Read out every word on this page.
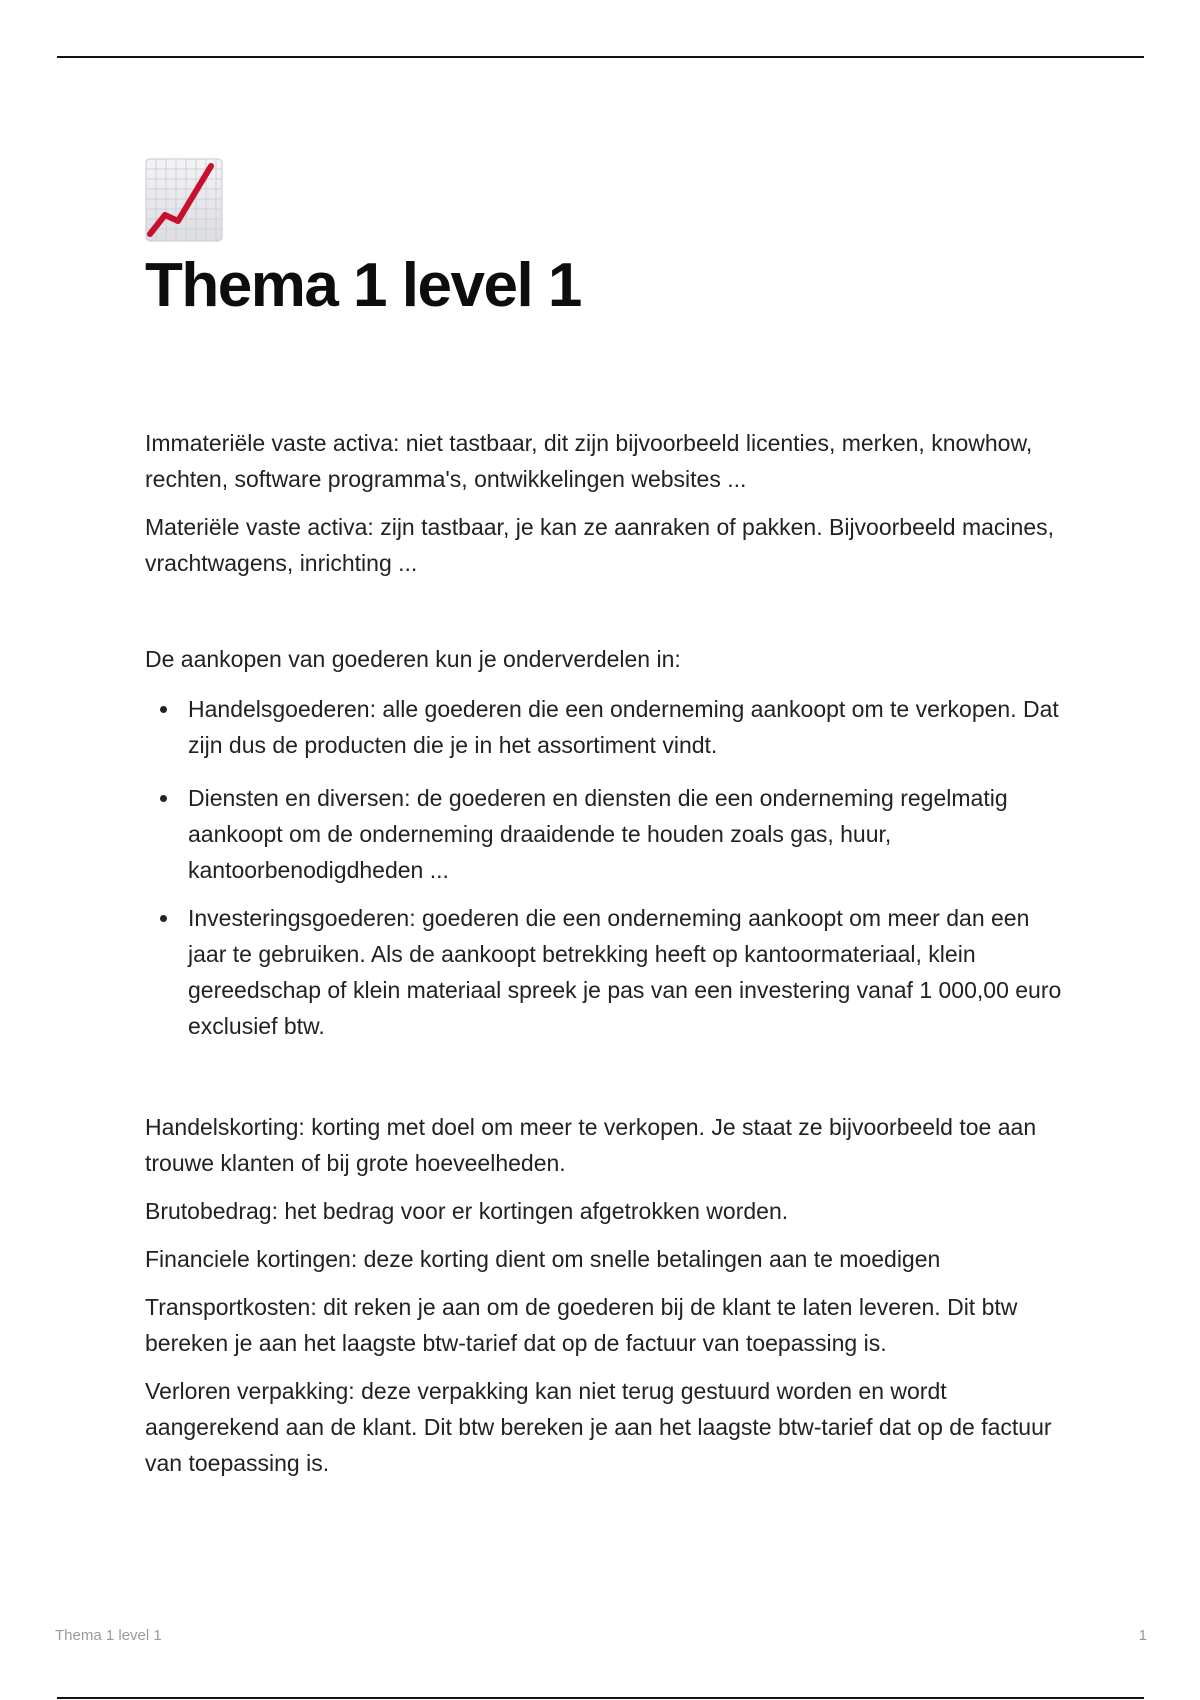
Thema 1 level 1

Immateriële vaste activa: niet tastbaar, dit zijn bijvoorbeeld licenties, merken, knowhow, rechten, software programma's, ontwikkelingen websites ...

Materiële vaste activa: zijn tastbaar, je kan ze aanraken of pakken. Bijvoorbeeld macines, vrachtwagens, inrichting ...

De aankopen van goederen kun je onderverdelen in:

Handelsgoederen: alle goederen die een onderneming aankoopt om te verkopen. Dat zijn dus de producten die je in het assortiment vindt.
Diensten en diversen: de goederen en diensten die een onderneming regelmatig aankoopt om de onderneming draaidende te houden zoals gas, huur, kantoorbenodigdheden ...
Investeringsgoederen: goederen die een onderneming aankoopt om meer dan een jaar te gebruiken. Als de aankoopt betrekking heeft op kantoormateriaal, klein gereedschap of klein materiaal spreek je pas van een investering vanaf 1 000,00 euro exclusief btw.

Handelskorting: korting met doel om meer te verkopen. Je staat ze bijvoorbeeld toe aan trouwe klanten of bij grote hoeveelheden.

Brutobedrag: het bedrag voor er kortingen afgetrokken worden.

Financiele kortingen: deze korting dient om snelle betalingen aan te moedigen

Transportkosten: dit reken je aan om de goederen bij de klant te laten leveren. Dit btw bereken je aan het laagste btw-tarief dat op de factuur van toepassing is.

Verloren verpakking: deze verpakking kan niet terug gestuurd worden en wordt aangerekend aan de klant. Dit btw bereken je aan het laagste btw-tarief dat op de factuur van toepassing is.

Thema 1 level 1	1
